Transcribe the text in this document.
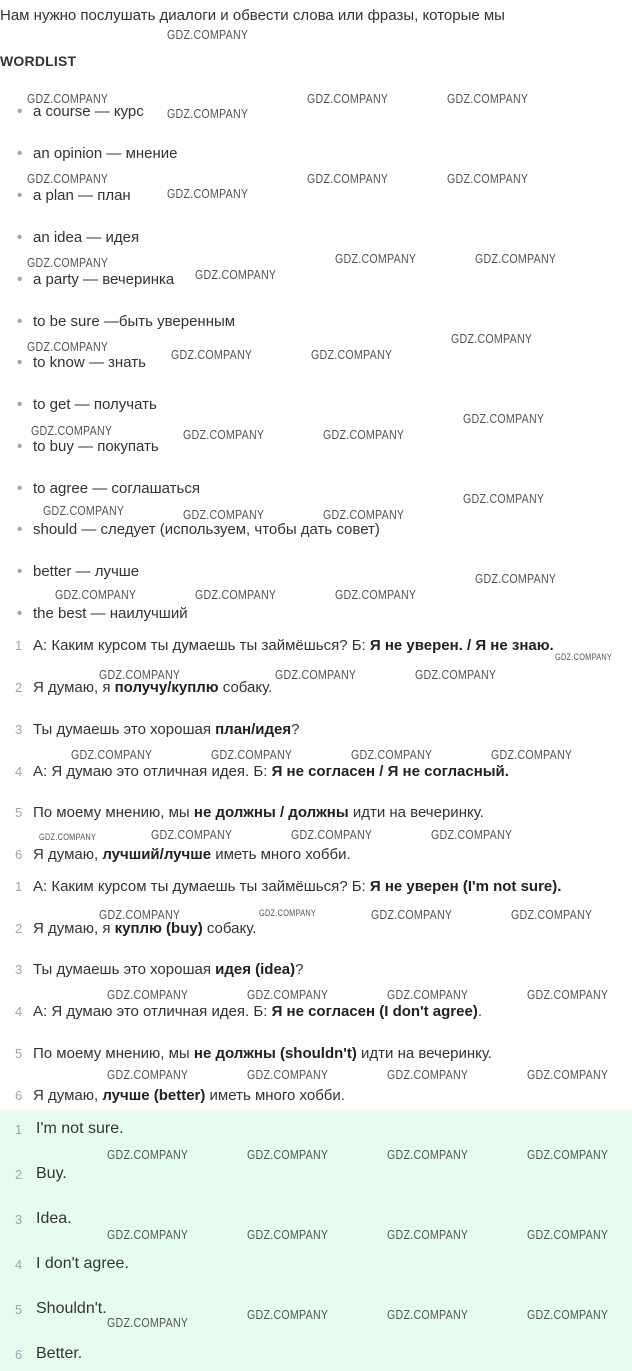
Нам нужно послушать диалоги и обвести слова или фразы, которые мы
WORDLIST
• a course — курс
• an opinion — мнение
• a plan — план
• an idea — идея
• a party — вечеринка
• to be sure —быть уверенным
• to know — знать
• to get — получать
• to buy — покупать
• to agree — соглашаться
• should — следует (используем, чтобы дать совет)
• better — лучше
• the best — наилучший
1 А: Каким курсом ты думаешь ты займёшься? Б: Я не уверен. / Я не знаю.
2 Я думаю, я получу/куплю собаку.
3 Ты думаешь это хорошая план/идея?
4 А: Я думаю это отличная идея. Б: Я не согласен / Я не согласный.
5 По моему мнению, мы не должны / должны идти на вечеринку.
6 Я думаю, лучший/лучше иметь много хобби.
1 А: Каким курсом ты думаешь ты займёшься? Б: Я не уверен (I'm not sure).
2 Я думаю, я куплю (buy) собаку.
3 Ты думаешь это хорошая идея (idea)?
4 А: Я думаю это отличная идея. Б: Я не согласен (I don't agree).
5 По моему мнению, мы не должны (shouldn't) идти на вечеринку.
6 Я думаю, лучше (better) иметь много хобби.
1 I'm not sure.
2 Buy.
3 Idea.
4 I don't agree.
5 Shouldn't.
6 Better.
GDZ.COMPANY
GDZ.COMPANY	GDZ.COMPANY	GDZ.COMPANY
GDZ.COMPANY
GDZ.COMPANY	GDZ.COMPANY	GDZ.COMPANY
GDZ.COMPANY
GDZ.COMPANY	GDZ.COMPANY	GDZ.COMPANY
GDZ.COMPANY
GDZ.COMPANY
GDZ.COMPANY
GDZ.COMPANY	GDZ.COMPANY
GDZ.COMPANY
GDZ.COMPANY	GDZ.COMPANY	GDZ.COMPANY
GDZ.COMPANY
GDZ.COMPANY	GDZ.COMPANY	GDZ.COMPANY
GDZ.COMPANY
GDZ.COMPANY	GDZ.COMPANY	GDZ.COMPANY
GDZ.COMPANY
GDZ.COMPANY	GDZ.COMPANY	GDZ.COMPANY
GDZ.COMPANY	GDZ.COMPANY	GDZ.COMPANY	GDZ.COMPANY
GDZ.COMPANY	GDZ.COMPANY	GDZ.COMPANY	GDZ.COMPANY
GDZ.COMPANY	GDZ.COMPANY	GDZ.COMPANY	GDZ.COMPANY
GDZ.COMPANY	GDZ.COMPANY	GDZ.COMPANY	GDZ.COMPANY
GDZ.COMPANY	GDZ.COMPANY	GDZ.COMPANY	GDZ.COMPANY
GDZ.COMPANY	GDZ.COMPANY	GDZ.COMPANY	GDZ.COMPANY
GDZ.COMPANY	GDZ.COMPANY	GDZ.COMPANY	GDZ.COMPANY
GDZ.COMPANY	GDZ.COMPANY	GDZ.COMPANY
GDZ.COMPANY
